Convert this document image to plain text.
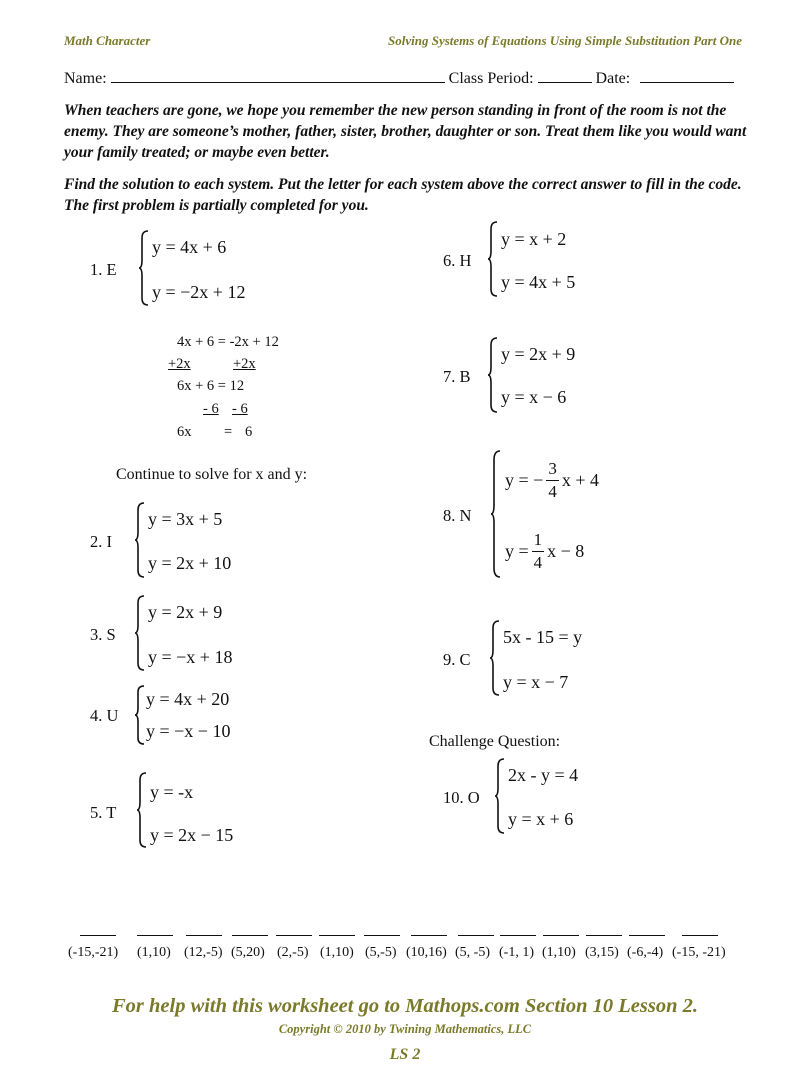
Math Character	Solving Systems of Equations Using Simple Substitution Part One
Name:	Class Period:	Date:
When teachers are gone, we hope you remember the new person standing in front of the room is not the enemy. They are someone’s mother, father, sister, brother, daughter or son. Treat them like you would want your family treated; or maybe even better.
Find the solution to each system. Put the letter for each system above the correct answer to fill in the code. The first problem is partially completed for you.
1. E
y = 4x + 6
y = −2x + 12
4x + 6 = -2x + 12
+2x	+2x
6x + 6 = 12
- 6 - 6
6x = 6
Continue to solve for x and y:
2. I
y = 3x + 5
y = 2x + 10
3. S
y = 2x + 9
y = −x + 18
4. U
y = 4x + 20
y = −x − 10
5. T
y = -x
y = 2x − 15
6. H
y = x + 2
y = 4x + 5
7. B
y = 2x + 9
y = x − 6
8. N
y = − $\frac{3}{4}$ x + 4
$y = \frac{1}{4}$ x − 8
9. C
5x - 15 = y
y = x − 7
Challenge Question:
10. O
2x - y = 4
y = x + 6
(-15,-21) (1,10) (12,-5) (5,20) (2,-5) (1,10) (5,-5) (10,16) (5, -5) (-1, 1) (1,10) (3,15) (-6,-4) (-15, -21)
For help with this worksheet go to Mathops.com Section 10 Lesson 2.
Copyright © 2010 by Twining Mathematics, LLC
LS 2
